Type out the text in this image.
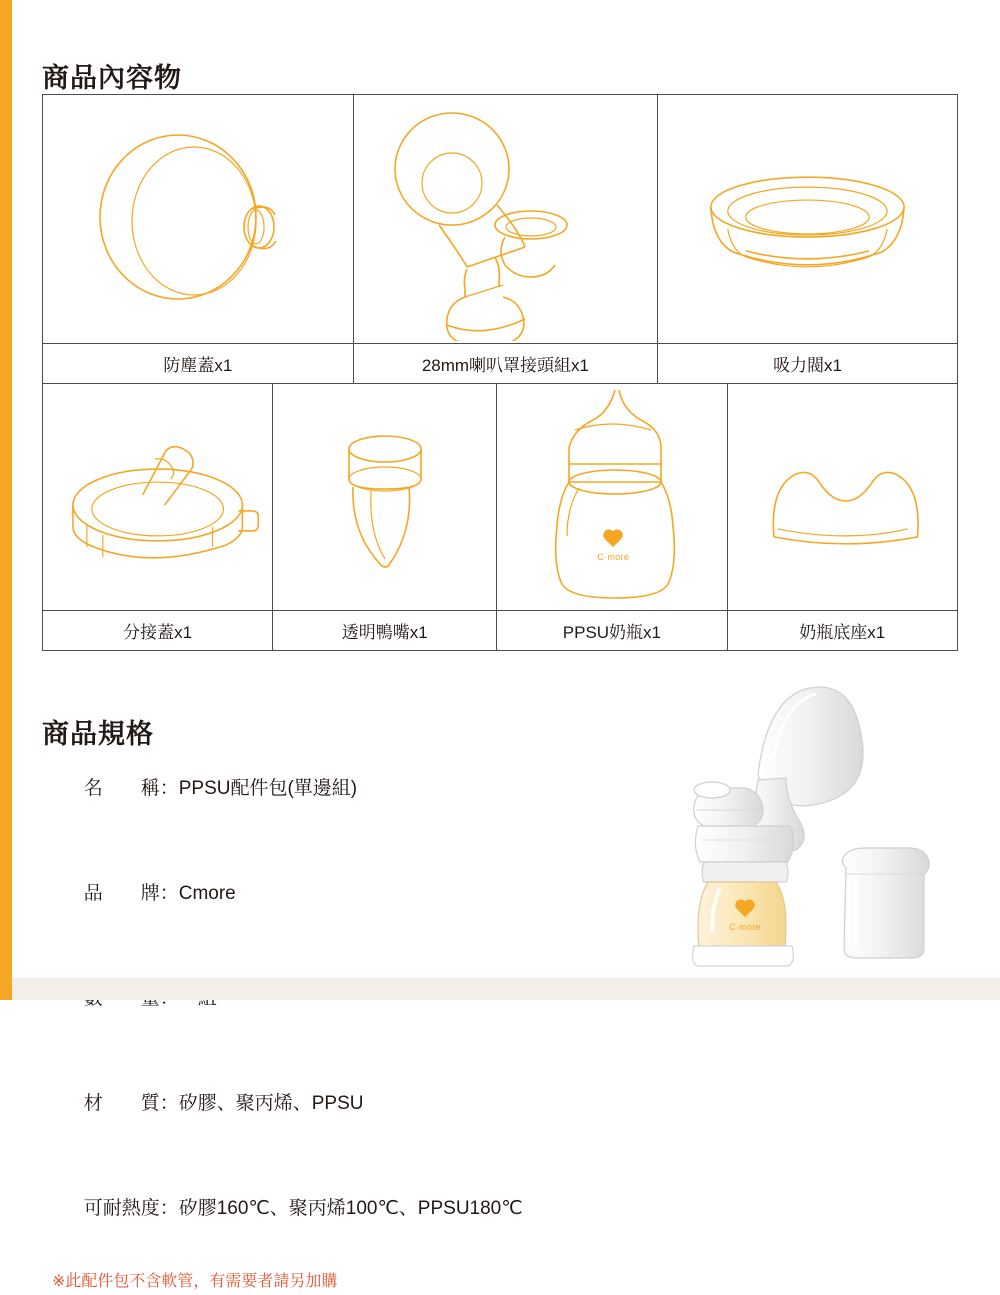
商品內容物
防塵蓋x1	28mm喇叭罩接頭組x1	吸力閥x1
C·more
分接蓋x1	透明鴨嘴x1	PPSU奶瓶x1	奶瓶底座x1
商品規格

名　　稱：PPSU配件包(單邊組)

品　　牌：Cmore

材　　質：矽膠、聚丙烯、PPSU

可耐熱度：矽膠160℃、聚丙烯100℃、PPSU180℃

※此配件包不含軟管，有需要者請另加購
C·more
